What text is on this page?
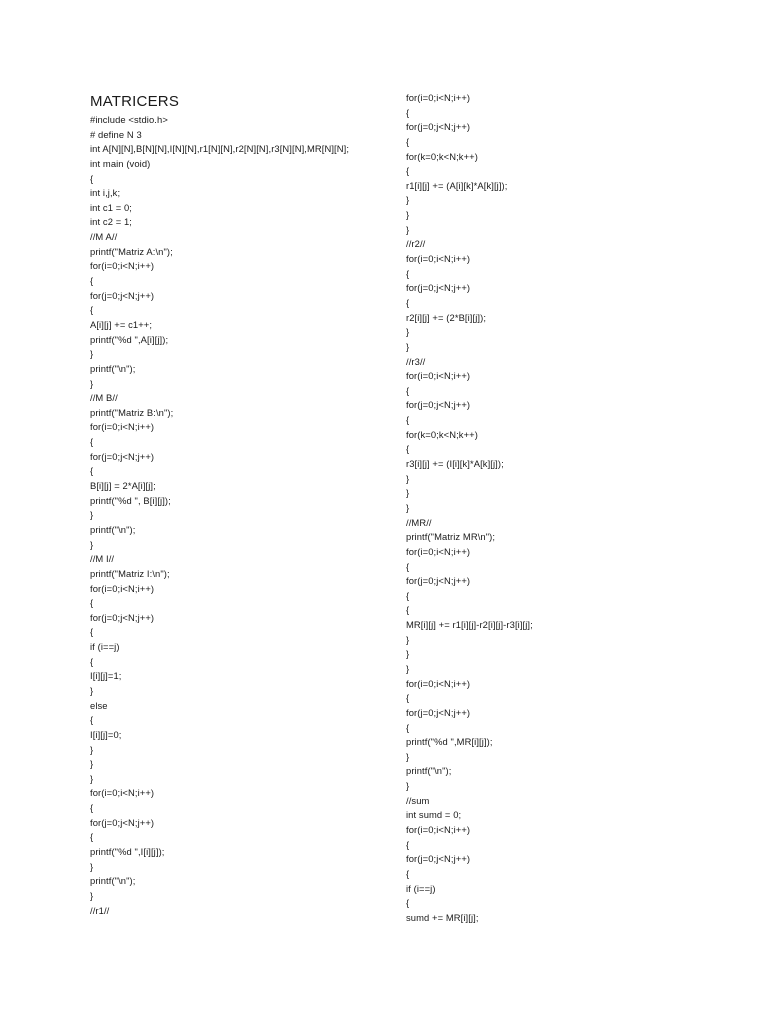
MATRICERS
#include <stdio.h>
# define N 3
int A[N][N],B[N][N],I[N][N],r1[N][N],r2[N][N],r3[N][N],MR[N][N];
int main (void)
{
int i,j,k;
int c1 = 0;
int c2 = 1;
//M A//
printf("Matriz A:\n");
for(i=0;i<N;i++)
{
for(j=0;j<N;j++)
{
A[i][j] += c1++;
printf("%d ",A[i][j]);
}
printf("\n");
}
//M B//
printf("Matriz B:\n");
for(i=0;i<N;i++)
{
for(j=0;j<N;j++)
{
B[i][j] = 2*A[i][j];
printf("%d ", B[i][j]);
}
printf("\n");
}
//M I//
printf("Matriz I:\n");
for(i=0;i<N;i++)
{
for(j=0;j<N;j++)
{
if (i==j)
{
I[i][j]=1;
}
else
{
I[i][j]=0;
}
}
}
for(i=0;i<N;i++)
{
for(j=0;j<N;j++)
{
printf("%d ",I[i][j]);
}
printf("\n");
}
//r1//
for(i=0;i<N;i++)
{
for(j=0;j<N;j++)
{
for(k=0;k<N;k++)
{
r1[i][j] += (A[i][k]*A[k][j]);
}
}
}
//r2//
for(i=0;i<N;i++)
{
for(j=0;j<N;j++)
{
r2[i][j] += (2*B[i][j]);
}
}
//r3//
for(i=0;i<N;i++)
{
for(j=0;j<N;j++)
{
for(k=0;k<N;k++)
{
r3[i][j] += (I[i][k]*A[k][j]);
}
}
}
//MR//
printf("Matriz MR\n");
for(i=0;i<N;i++)
{
for(j=0;j<N;j++)
{
{
MR[i][j] += r1[i][j]-r2[i][j]-r3[i][j];
}
}
}
for(i=0;i<N;i++)
{
for(j=0;j<N;j++)
{
printf("%d ",MR[i][j]);
}
printf("\n");
}
//sum
int sumd = 0;
for(i=0;i<N;i++)
{
for(j=0;j<N;j++)
{
if (i==j)
{
sumd += MR[i][j];
